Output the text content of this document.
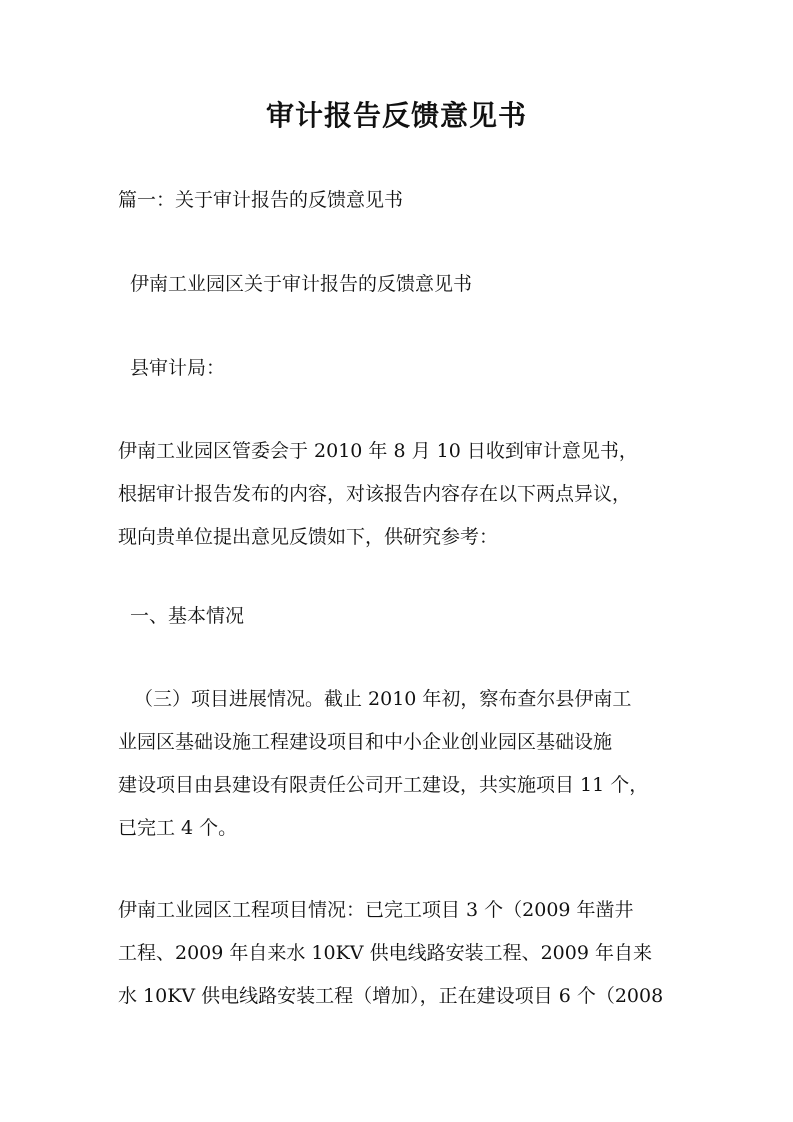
审计报告反馈意见书
篇一：关于审计报告的反馈意见书
伊南工业园区关于审计报告的反馈意见书
县审计局：
伊南工业园区管委会于 2010 年 8 月 10 日收到审计意见书，
根据审计报告发布的内容，对该报告内容存在以下两点异议，
现向贵单位提出意见反馈如下，供研究参考：
一、基本情况
（三）项目进展情况。截止 2010 年初，察布查尔县伊南工
业园区基础设施工程建设项目和中小企业创业园区基础设施
建设项目由县建设有限责任公司开工建设，共实施项目 11 个，
已完工 4 个。
伊南工业园区工程项目情况：已完工项目 3 个（2009 年凿井
工程、2009 年自来水 10KV 供电线路安装工程、2009 年自来
水 10KV 供电线路安装工程（增加），正在建设项目 6 个（2008
